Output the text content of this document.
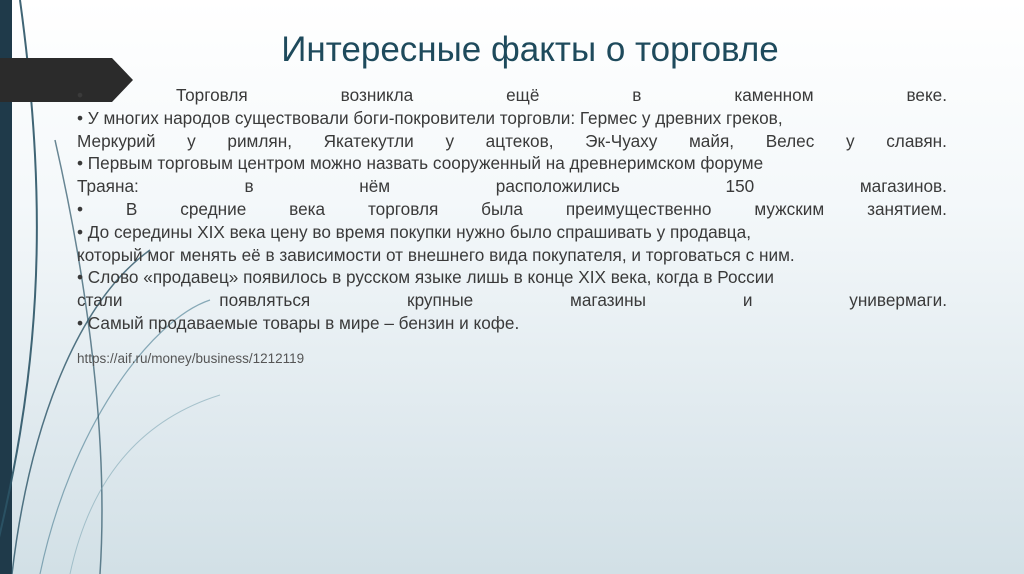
Интересные факты о торговле
•	Торговля	возникла	ещё	в	каменном	веке.
• У многих народов существовали боги-покровители торговли: Гермес у древних греков,
Меркурий у римлян, Якатекутли у ацтеков, Эк-Чуаху майя, Велес у славян.
• Первым торговым центром можно назвать сооруженный на древнеримском форуме
Траяна:	в	нём	расположились	150	магазинов.
• В средние века торговля была преимущественно мужским занятием.
• До середины XIX века цену во время покупки нужно было спрашивать у продавца,
который мог менять её в зависимости от внешнего вида покупателя, и торговаться с ним.
• Слово «продавец» появилось в русском языке лишь в конце XIX века, когда в России
стали	появляться	крупные	магазины	и	универмаги.
• Самый продаваемые товары в мире – бензин и кофе.
https://aif.ru/money/business/1212119
